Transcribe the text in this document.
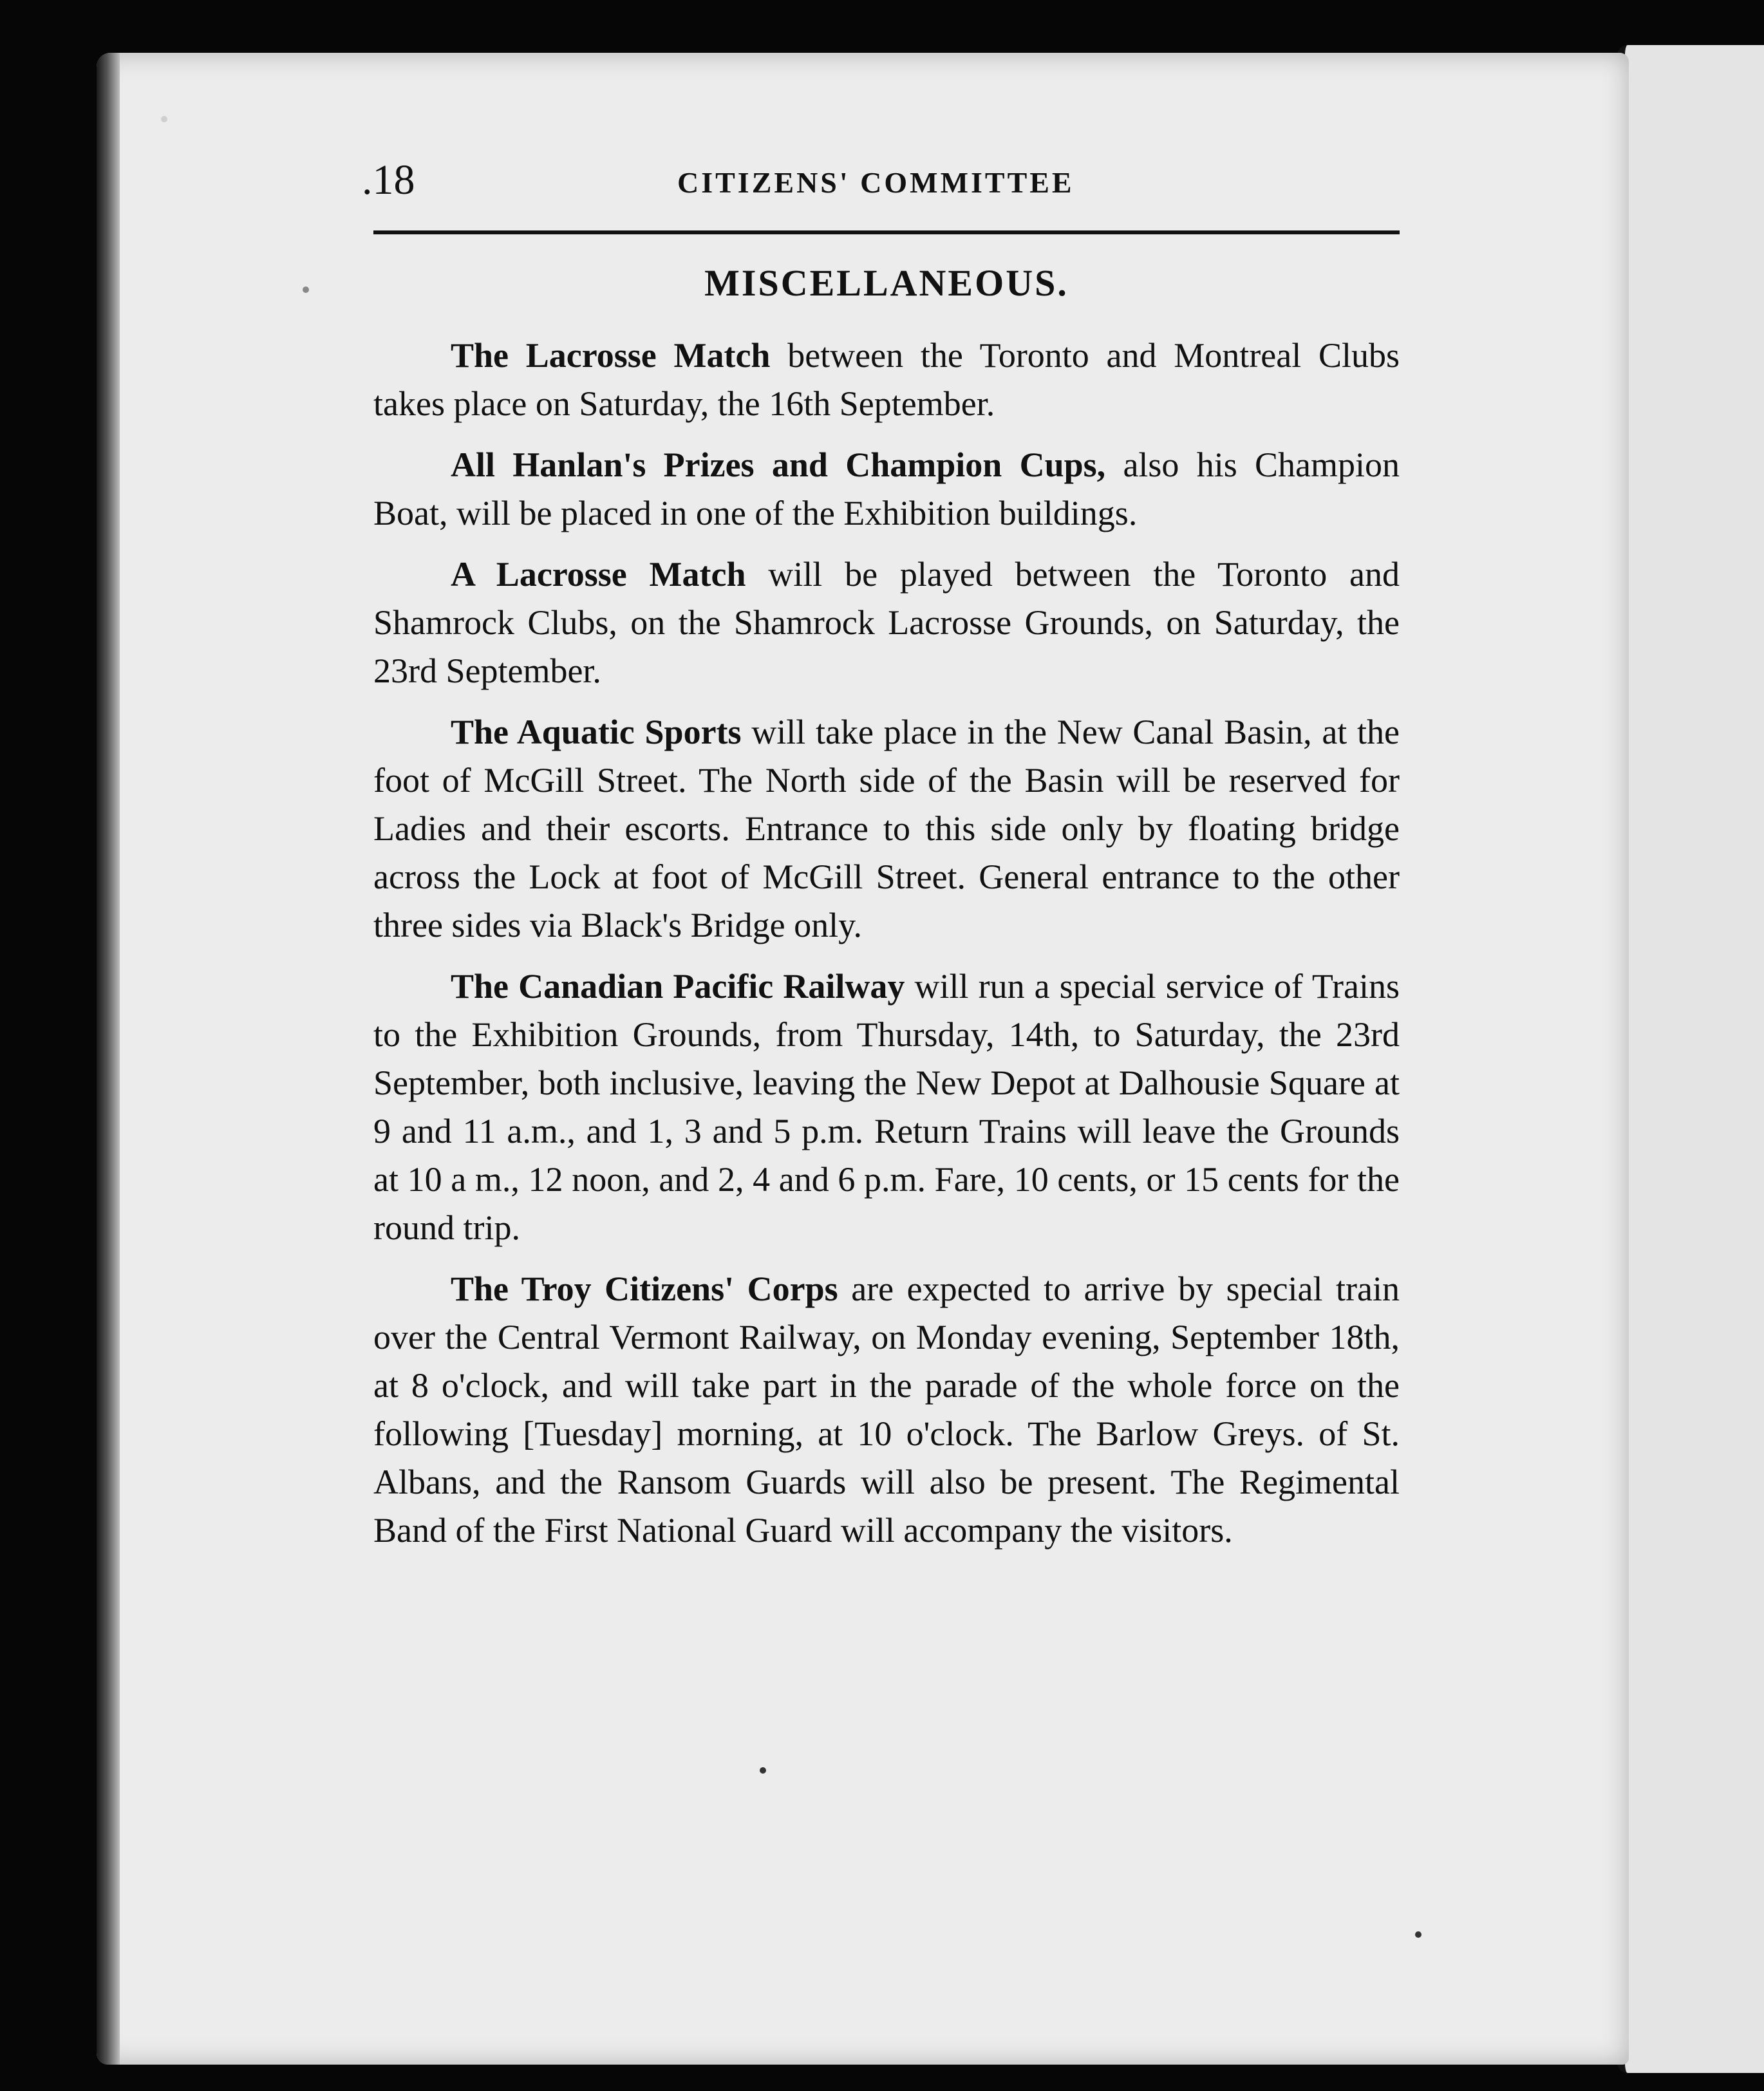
.18	CITIZENS' COMMITTEE
MISCELLANEOUS.

The Lacrosse Match between the Toronto and Montreal Clubs takes place on Saturday, the 16th September.

All Hanlan's Prizes and Champion Cups, also his Champion Boat, will be placed in one of the Exhibition buildings.

A Lacrosse Match will be played between the Toronto and Shamrock Clubs, on the Shamrock Lacrosse Grounds, on Saturday, the 23rd September.

The Aquatic Sports will take place in the New Canal Basin, at the foot of McGill Street. The North side of the Basin will be reserved for Ladies and their escorts. Entrance to this side only by floating bridge across the Lock at foot of McGill Street. General entrance to the other three sides via Black's Bridge only.

The Canadian Pacific Railway will run a special service of Trains to the Exhibition Grounds, from Thursday, 14th, to Saturday, the 23rd September, both inclusive, leaving the New Depot at Dalhousie Square at 9 and 11 a.m., and 1, 3 and 5 p.m. Return Trains will leave the Grounds at 10 a m., 12 noon, and 2, 4 and 6 p.m. Fare, 10 cents, or 15 cents for the round trip.

The Troy Citizens' Corps are expected to arrive by special train over the Central Vermont Railway, on Monday evening, September 18th, at 8 o'clock, and will take part in the parade of the whole force on the following [Tuesday] morning, at 10 o'clock. The Barlow Greys. of St. Albans, and the Ransom Guards will also be present. The Regimental Band of the First National Guard will accompany the visitors.
